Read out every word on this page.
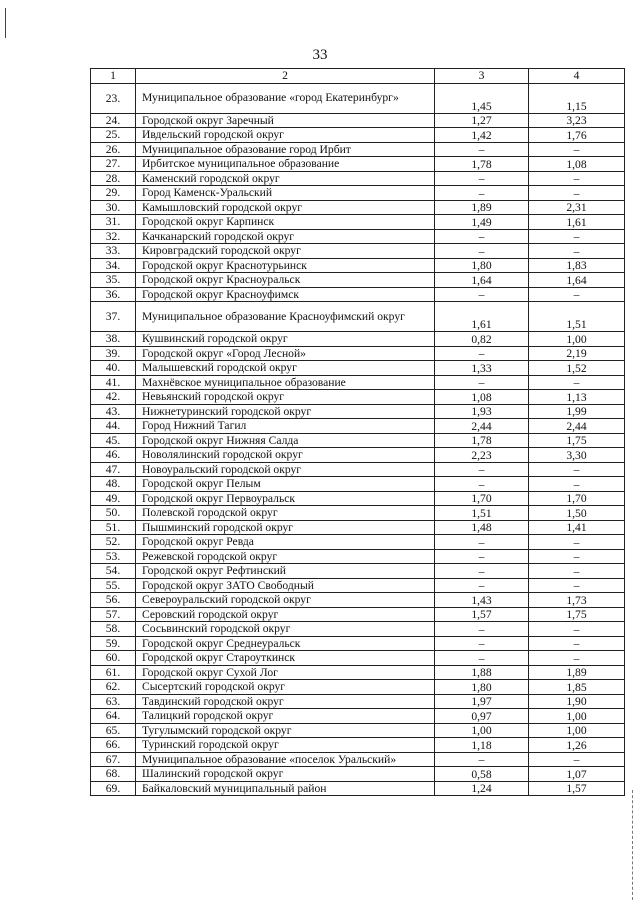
33
1	2	3	4
23.	Муниципальное образование «город Екатеринбург»	1,45	1,15
24.	Городской округ Заречный	1,27	3,23
25.	Ивдельский городской округ	1,42	1,76
26.	Муниципальное образование город Ирбит	–	–
27.	Ирбитское муниципальное образование	1,78	1,08
28.	Каменский городской округ	–	–
29.	Город Каменск-Уральский	–	–
30.	Камышловский городской округ	1,89	2,31
31.	Городской округ Карпинск	1,49	1,61
32.	Качканарский городской округ	–	–
33.	Кировградский городской округ	–	–
34.	Городской округ Краснотурьинск	1,80	1,83
35.	Городской округ Красноуральск	1,64	1,64
36.	Городской округ Красноуфимск	–	–
37.	Муниципальное образование Красноуфимский округ	1,61	1,51
38.	Кушвинский городской округ	0,82	1,00
39.	Городской округ «Город Лесной»	–	2,19
40.	Малышевский городской округ	1,33	1,52
41.	Махнёвское муниципальное образование	–	–
42.	Невьянский городской округ	1,08	1,13
43.	Нижнетуринский городской округ	1,93	1,99
44.	Город Нижний Тагил	2,44	2,44
45.	Городской округ Нижняя Салда	1,78	1,75
46.	Новолялинский городской округ	2,23	3,30
47.	Новоуральский городской округ	–	–
48.	Городской округ Пелым	–	–
49.	Городской округ Первоуральск	1,70	1,70
50.	Полевской городской округ	1,51	1,50
51.	Пышминский городской округ	1,48	1,41
52.	Городской округ Ревда	–	–
53.	Режевской городской округ	–	–
54.	Городской округ Рефтинский	–	–
55.	Городской округ ЗАТО Свободный	–	–
56.	Североуральский городской округ	1,43	1,73
57.	Серовский городской округ	1,57	1,75
58.	Сосьвинский городской округ	–	–
59.	Городской округ Среднеуральск	–	–
60.	Городской округ Староуткинск	–	–
61.	Городской округ Сухой Лог	1,88	1,89
62.	Сысертский городской округ	1,80	1,85
63.	Тавдинский городской округ	1,97	1,90
64.	Талицкий городской округ	0,97	1,00
65.	Тугулымский городской округ	1,00	1,00
66.	Туринский городской округ	1,18	1,26
67.	Муниципальное образование «поселок Уральский»	–	–
68.	Шалинский городской округ	0,58	1,07
69.	Байкаловский муниципальный район	1,24	1,57
